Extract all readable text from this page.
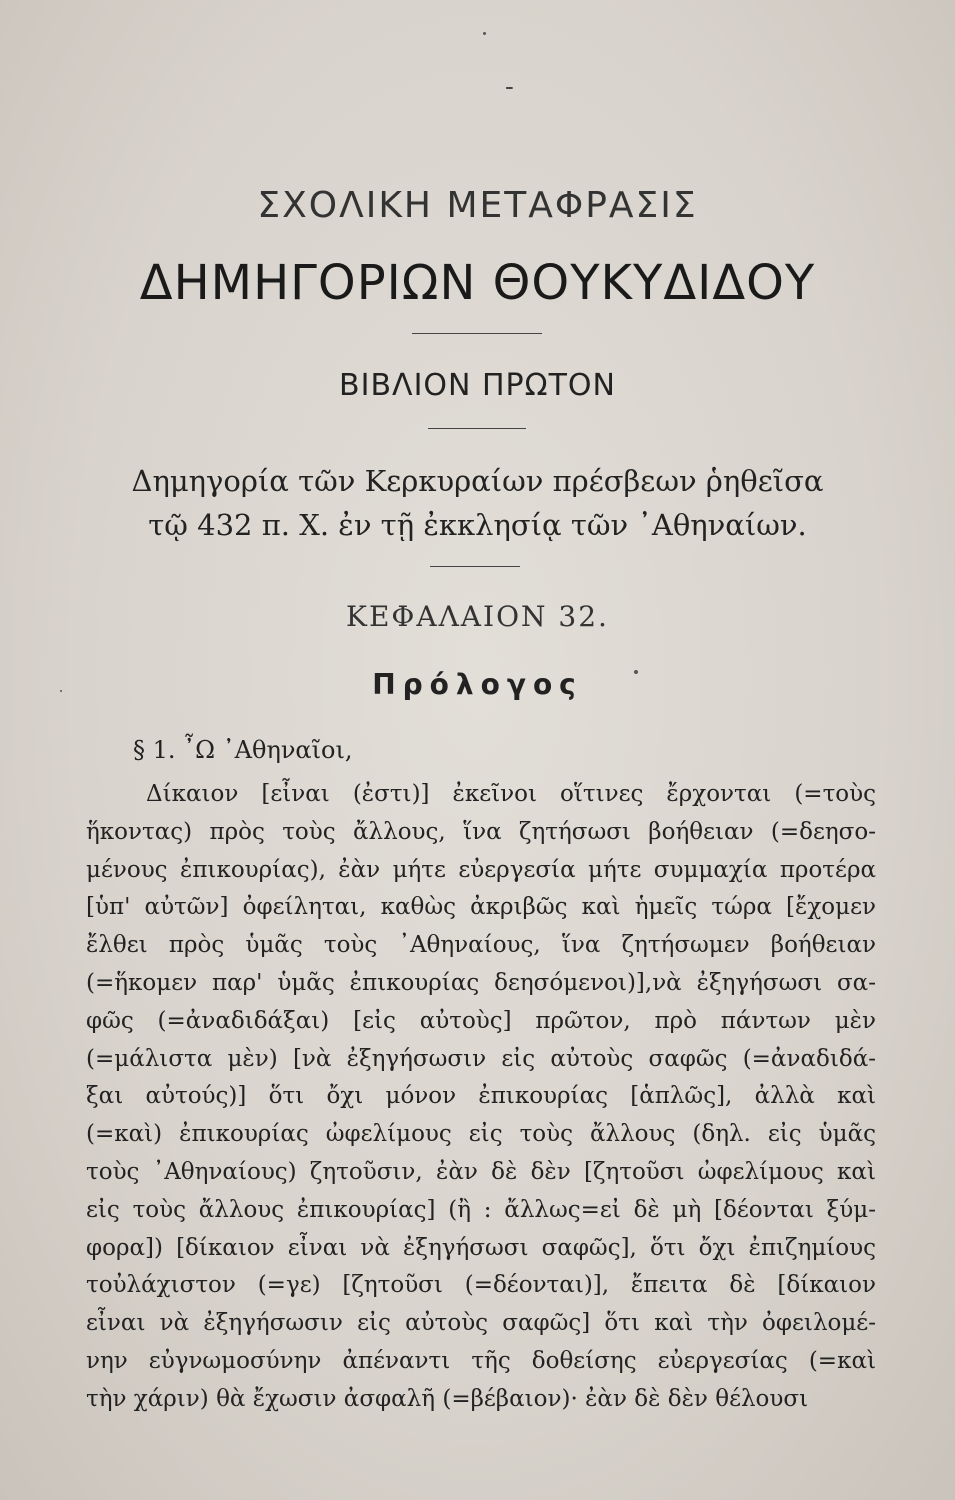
-
ΣΧΟΛΙΚΗ ΜΕΤΑΦΡΑΣΙΣ
ΔΗΜΗΓΟΡΙΩΝ ΘΟΥΚΥΔΙΔΟΥ
ΒΙΒΛΙΟΝ ΠΡΩΤΟΝ
Δημηγορία τῶν Κερκυραίων πρέσβεων ῥηθεῖσα
τῷ 432 π. Χ. ἐν τῇ ἐκκλησίᾳ τῶν ᾿Αθηναίων.
ΚΕΦΑΛΑΙΟΝ 32.
Πρόλογος
§ 1. ῏Ω ᾿Αθηναῖοι,
Δίκαιον [εἶναι (ἐστι)] ἐκεῖνοι οἵτινες ἔρχονται (=τοὺς
ἥκοντας) πρὸς τοὺς ἄλλους, ἵνα ζητήσωσι βοήθειαν (=δεησο-
μένους ἐπικουρίας), ἐὰν μήτε εὐεργεσία μήτε συμμαχία προτέρα
[ὑπ' αὐτῶν] ὀφείληται, καθὼς ἀκριβῶς καὶ ἡμεῖς τώρα [ἔχομεν
ἔλθει πρὸς ὑμᾶς τοὺς ᾿Αθηναίους, ἵνα ζητήσωμεν βοήθειαν
(=ἥκομεν παρ' ὑμᾶς ἐπικουρίας δεησόμενοι)],νὰ ἐξηγήσωσι σα-
φῶς (=ἀναδιδάξαι) [εἰς αὐτοὺς] πρῶτον, πρὸ πάντων μὲν
(=μάλιστα μὲν) [νὰ ἐξηγήσωσιν εἰς αὐτοὺς σαφῶς (=ἀναδιδά-
ξαι αὐτούς)] ὅτι ὄχι μόνον ἐπικουρίας [ἁπλῶς], ἀλλὰ καὶ
(=καὶ) ἐπικουρίας ὠφελίμους εἰς τοὺς ἄλλους (δηλ. εἰς ὑμᾶς
τοὺς ᾿Αθηναίους) ζητοῦσιν, ἐὰν δὲ δὲν [ζητοῦσι ὠφελίμους καὶ
εἰς τοὺς ἄλλους ἐπικουρίας] (ἢ : ἄλλως=εἰ δὲ μὴ [δέονται ξύμ-
φορα]) [δίκαιον εἶναι νὰ ἐξηγήσωσι σαφῶς], ὅτι ὄχι ἐπιζημίους
τοὐλάχιστον (=γε) [ζητοῦσι (=δέονται)], ἔπειτα δὲ [δίκαιον
εἶναι νὰ ἐξηγήσωσιν εἰς αὐτοὺς σαφῶς] ὅτι καὶ τὴν ὀφειλομέ-
νην εὐγνωμοσύνην ἀπέναντι τῆς δοθείσης εὐεργεσίας (=καὶ
τὴν χάριν) θὰ ἔχωσιν ἀσφαλῆ (=βέβαιον)· ἐὰν δὲ δὲν θέλουσι
